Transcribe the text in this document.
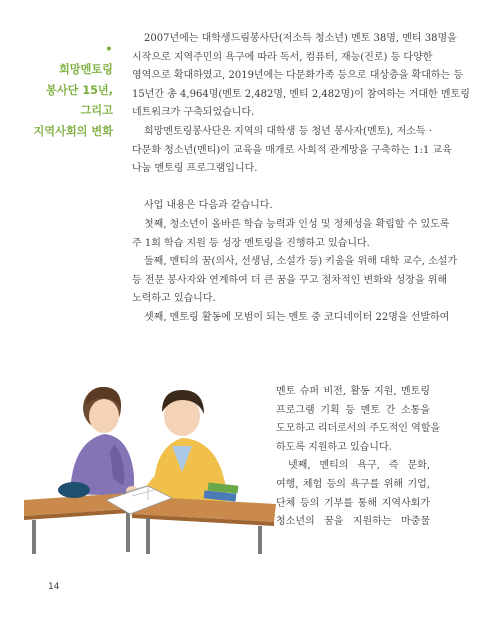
•
희망멘토링
봉사단 15년,
그리고
지역사회의 변화
2007년에는 대학생드림봉사단(저소득 청소년) 멘토 38명, 멘티 38명을
시작으로 지역주민의 욕구에 따라 독서, 컴퓨터, 재능(진로) 등 다양한
영역으로 확대하였고, 2019년에는 다문화가족 등으로 대상층을 확대하는 등
15년간 총 4,964명(멘토 2,482명, 멘티 2,482명)이 참여하는 거대한 멘토링
네트워크가 구축되었습니다.
희망멘토링봉사단은 지역의 대학생 등 청년 봉사자(멘토), 저소득 ·
다문화 청소년(멘티)이 교육을 매개로 사회적 관계망을 구축하는 1:1 교육
나눔 멘토링 프로그램입니다.
사업 내용은 다음과 같습니다.
첫째, 청소년이 올바른 학습 능력과 인성 및 정체성을 확립할 수 있도록
주 1회 학습 지원 등 성장 멘토링을 진행하고 있습니다.
둘째, 멘티의 꿈(의사, 선생님, 소설가 등) 키움을 위해 대학 교수, 소설가
등 전문 봉사자와 연계하여 더 큰 꿈을 꾸고 점차적인 변화와 성장을 위해
노력하고 있습니다.
셋째, 멘토링 활동에 모범이 되는 멘토 중 코디네이터 22명을 선발하여
멘토 슈퍼 비전, 활동 지원, 멘토링
프로그램 기획 등 멘토 간 소통을
도모하고 리더로서의 주도적인 역할을
하도록 지원하고 있습니다.
넷째, 멘티의 욕구, 즉 문화,
여행, 체험 등의 욕구를 위해 기업,
단체 등의 기부를 통해 지역사회가
청소년의 꿈을 지원하는 마중물
14
